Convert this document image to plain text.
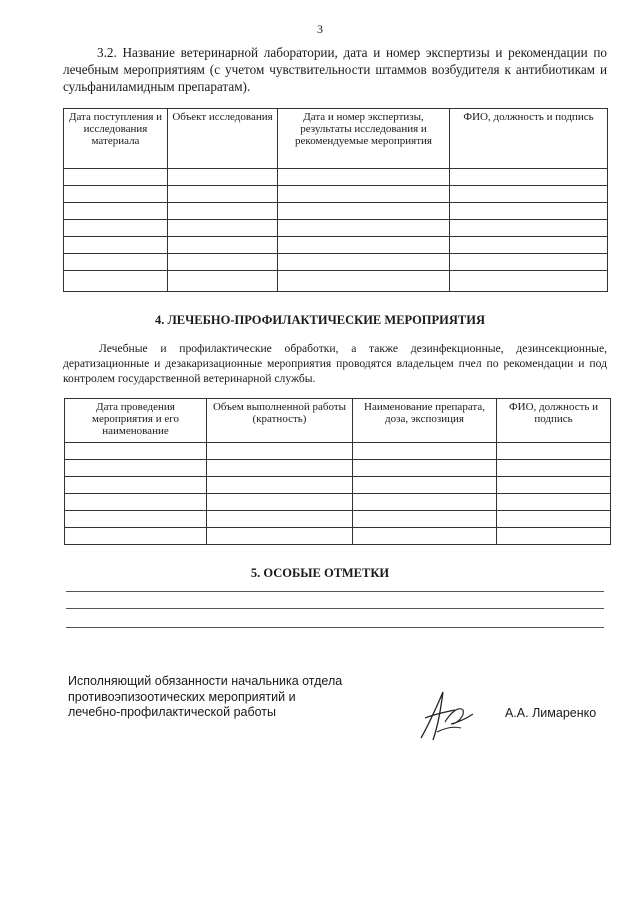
3
3.2. Название ветеринарной лаборатории, дата и номер экспертизы и рекомендации по лечебным мероприятиям (с учетом чувствительности штаммов возбудителя к антибиотикам и сульфаниламидным препаратам).
Дата поступления и исследования материала	Объект исследования	Дата и номер экспертизы, результаты исследования и рекомендуемые мероприятия	ФИО, должность и подпись

4. ЛЕЧЕБНО-ПРОФИЛАКТИЧЕСКИЕ МЕРОПРИЯТИЯ
Лечебные и профилактические обработки, а также дезинфекционные, дезинсекционные, дератизационные и дезакаризационные мероприятия проводятся владельцем пчел по рекомендации и под контролем государственной ветеринарной службы.
Дата проведения мероприятия и его наименование	Объем выполненной работы (кратность)	Наименование препарата, доза, экспозиция	ФИО, должность и подпись

5. ОСОБЫЕ ОТМЕТКИ
Исполняющий обязанности начальника отдела
противоэпизоотических мероприятий и
лечебно-профилактической работы	А.А. Лимаренко
